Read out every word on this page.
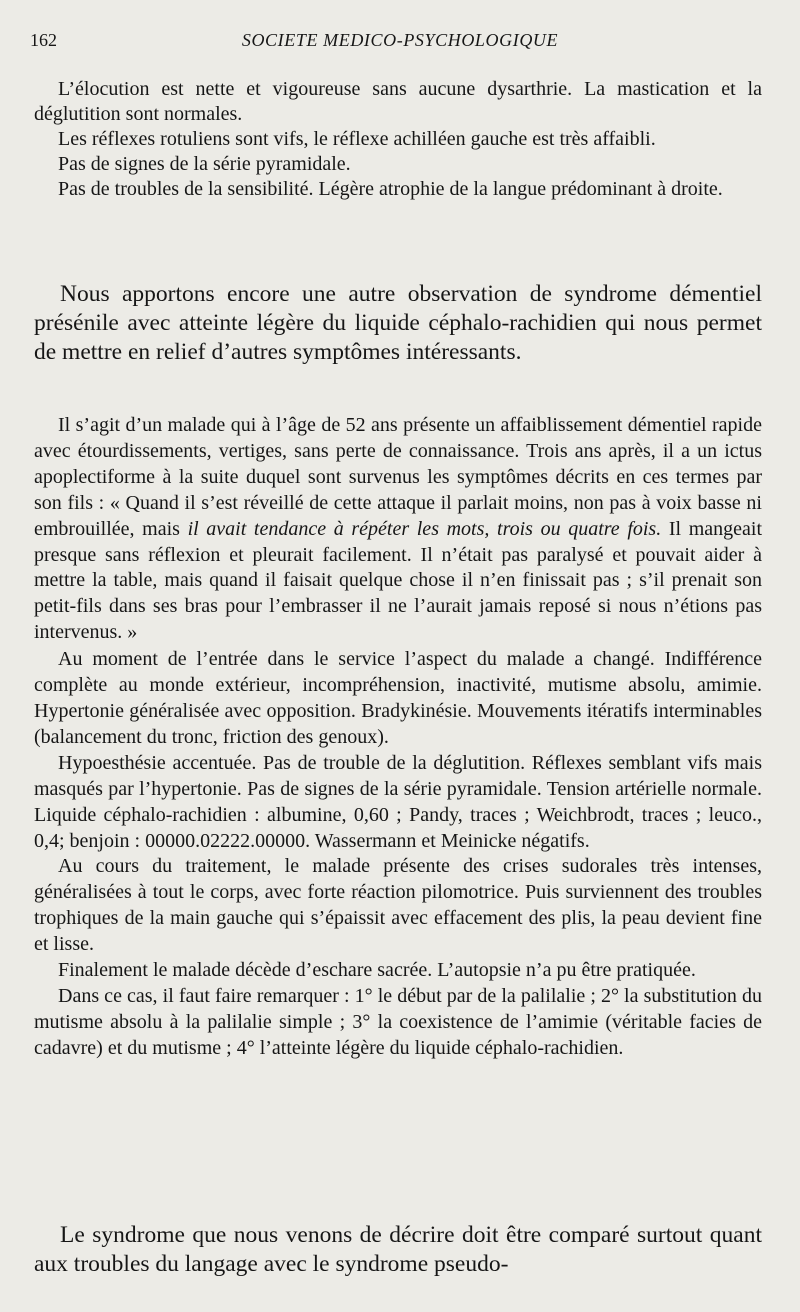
162	SOCIETE MEDICO-PSYCHOLOGIQUE

L’élocution est nette et vigoureuse sans aucune dysarthrie. La mastication et la déglutition sont normales.

Les réflexes rotuliens sont vifs, le réflexe achilléen gauche est très affaibli.

Pas de signes de la série pyramidale.

Pas de troubles de la sensibilité. Légère atrophie de la langue prédominant à droite.

Nous apportons encore une autre observation de syndrome démentiel présénile avec atteinte légère du liquide céphalo-rachidien qui nous permet de mettre en relief d’autres symptômes intéressants.

Il s’agit d’un malade qui à l’âge de 52 ans présente un affaiblissement démentiel rapide avec étourdissements, vertiges, sans perte de connaissance. Trois ans après, il a un ictus apoplectiforme à la suite duquel sont survenus les symptômes décrits en ces termes par son fils : « Quand il s’est réveillé de cette attaque il parlait moins, non pas à voix basse ni embrouillée, mais il avait tendance à répéter les mots, trois ou quatre fois. Il mangeait presque sans réflexion et pleurait facilement. Il n’était pas paralysé et pouvait aider à mettre la table, mais quand il faisait quelque chose il n’en finissait pas ; s’il prenait son petit-fils dans ses bras pour l’embrasser il ne l’aurait jamais reposé si nous n’étions pas intervenus. »

Au moment de l’entrée dans le service l’aspect du malade a changé. Indifférence complète au monde extérieur, incompréhension, inactivité, mutisme absolu, amimie. Hypertonie généralisée avec opposition. Bradykinésie. Mouvements itératifs interminables (balancement du tronc, friction des genoux).

Hypoesthésie accentuée. Pas de trouble de la déglutition. Réflexes semblant vifs mais masqués par l’hypertonie. Pas de signes de la série pyramidale. Tension artérielle normale. Liquide céphalo-rachidien : albumine, 0,60 ; Pandy, traces ; Weichbrodt, traces ; leuco., 0,4; benjoin : 00000.02222.00000. Wassermann et Meinicke négatifs.

Au cours du traitement, le malade présente des crises sudorales très intenses, généralisées à tout le corps, avec forte réaction pilomotrice. Puis surviennent des troubles trophiques de la main gauche qui s’épaissit avec effacement des plis, la peau devient fine et lisse.

Finalement le malade décède d’eschare sacrée. L’autopsie n’a pu être pratiquée.

Dans ce cas, il faut faire remarquer : 1° le début par de la palilalie ; 2° la substitution du mutisme absolu à la palilalie simple ; 3° la coexistence de l’amimie (véritable facies de cadavre) et du mutisme ; 4° l’atteinte légère du liquide céphalo-rachidien.

Le syndrome que nous venons de décrire doit être comparé surtout quant aux troubles du langage avec le syndrome pseudo-
